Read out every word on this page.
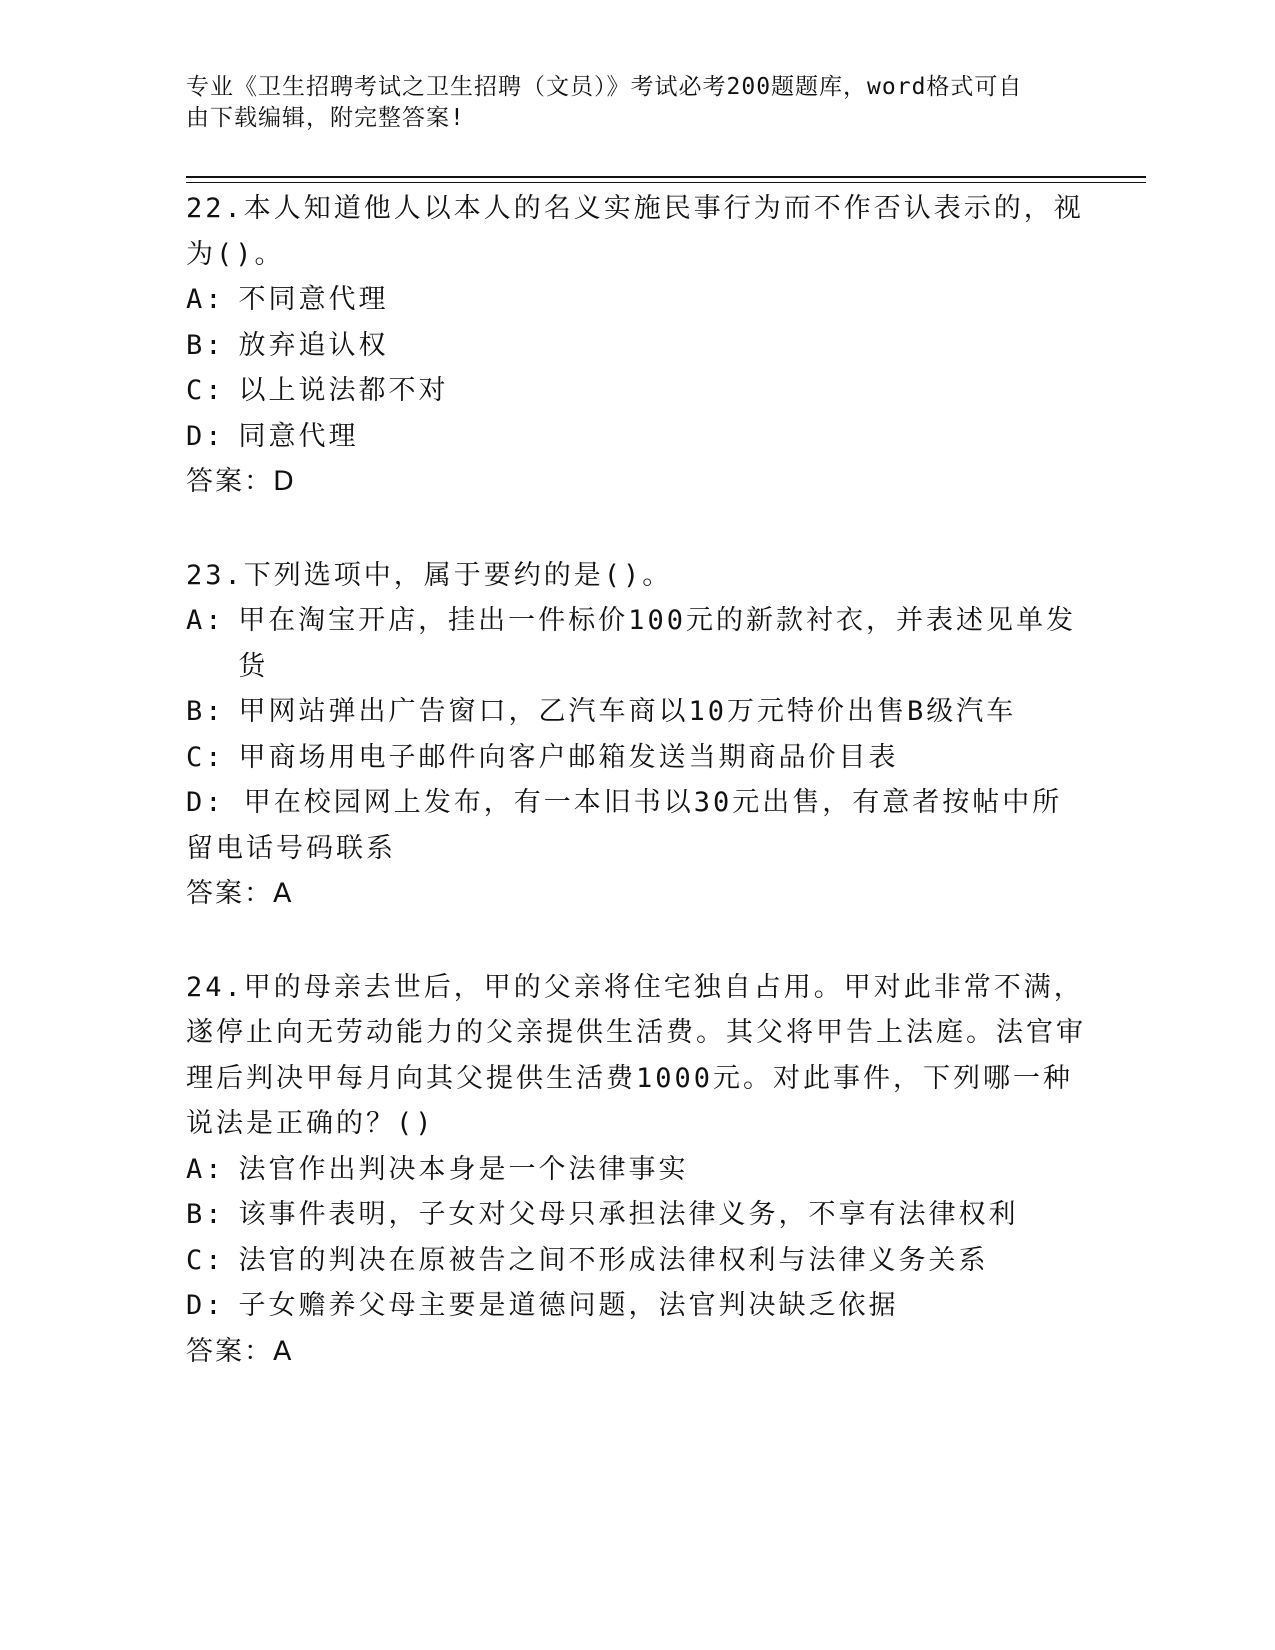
专业《卫生招聘考试之卫生招聘（文员）》考试必考200题题库，word格式可自
由下载编辑，附完整答案!
22.本人知道他人以本人的名义实施民事行为而不作否认表示的，视为()。
A: 不同意代理
B: 放弃追认权
C: 以上说法都不对
D: 同意代理
答案：D
23.下列选项中，属于要约的是()。
A: 甲在淘宝开店，挂出一件标价100元的新款衬衣，并表述见单发货
B: 甲网站弹出广告窗口，乙汽车商以10万元特价出售B级汽车
C: 甲商场用电子邮件向客户邮箱发送当期商品价目表
D:  甲在校园网上发布，有一本旧书以30元出售，有意者按帖中所留电话号码联系
答案：A
24.甲的母亲去世后，甲的父亲将住宅独自占用。甲对此非常不满，遂停止向无劳动能力的父亲提供生活费。其父将甲告上法庭。法官审理后判决甲每月向其父提供生活费1000元。对此事件，下列哪一种说法是正确的？()
A: 法官作出判决本身是一个法律事实
B: 该事件表明，子女对父母只承担法律义务，不享有法律权利
C: 法官的判决在原被告之间不形成法律权利与法律义务关系
D: 子女赡养父母主要是道德问题，法官判决缺乏依据
答案：A
